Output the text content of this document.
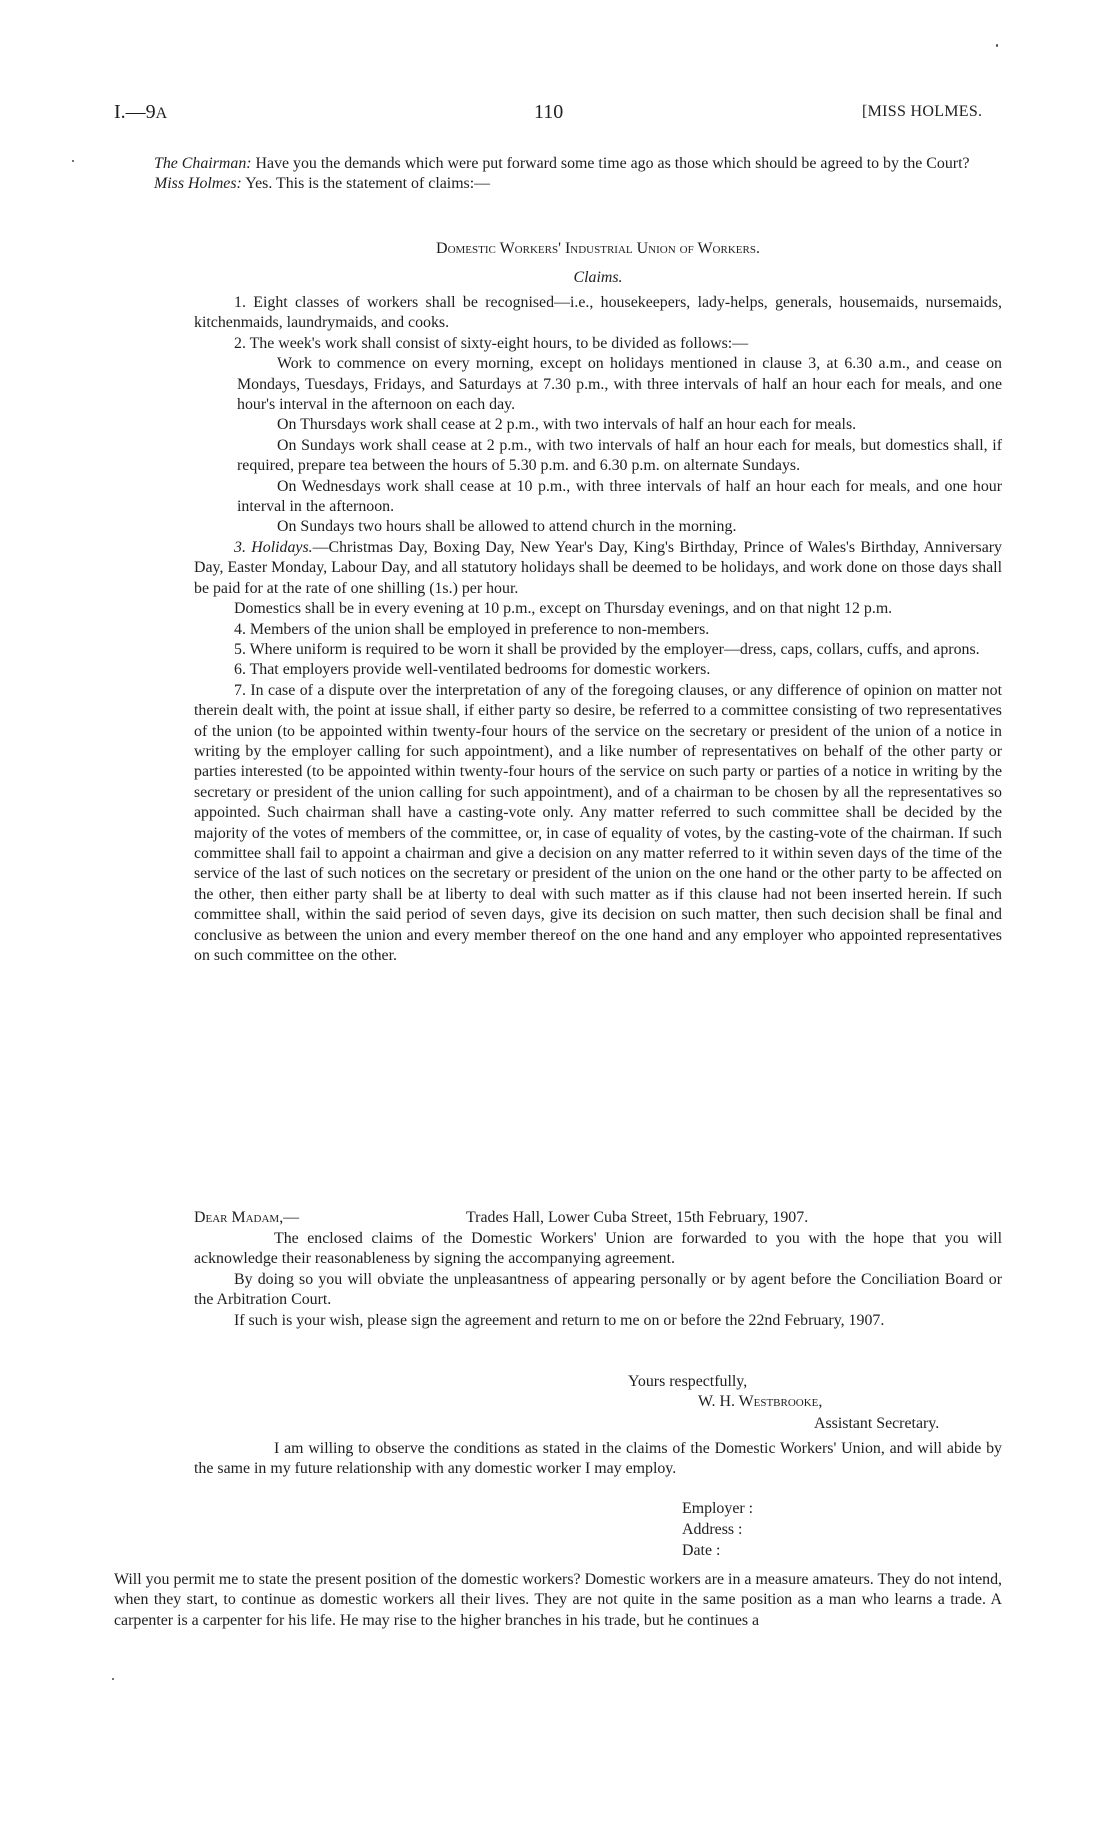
I.—9A	110	[MISS HOLMES.

The Chairman: Have you the demands which were put forward some time ago as those which should be agreed to by the Court?

Miss Holmes: Yes. This is the statement of claims:—

Domestic Workers' Industrial Union of Workers.
Claims.

1. Eight classes of workers shall be recognised—i.e., housekeepers, lady-helps, generals, housemaids, nursemaids, kitchenmaids, laundrymaids, and cooks.

2. The week's work shall consist of sixty-eight hours, to be divided as follows:—

Work to commence on every morning, except on holidays mentioned in clause 3, at 6.30 a.m., and cease on Mondays, Tuesdays, Fridays, and Saturdays at 7.30 p.m., with three intervals of half an hour each for meals, and one hour's interval in the afternoon on each day.

On Thursdays work shall cease at 2 p.m., with two intervals of half an hour each for meals.

On Sundays work shall cease at 2 p.m., with two intervals of half an hour each for meals, but domestics shall, if required, prepare tea between the hours of 5.30 p.m. and 6.30 p.m. on alternate Sundays.

On Wednesdays work shall cease at 10 p.m., with three intervals of half an hour each for meals, and one hour interval in the afternoon.

On Sundays two hours shall be allowed to attend church in the morning.

3. Holidays.—Christmas Day, Boxing Day, New Year's Day, King's Birthday, Prince of Wales's Birthday, Anniversary Day, Easter Monday, Labour Day, and all statutory holidays shall be deemed to be holidays, and work done on those days shall be paid for at the rate of one shilling (1s.) per hour.

Domestics shall be in every evening at 10 p.m., except on Thursday evenings, and on that night 12 p.m.

4. Members of the union shall be employed in preference to non-members.

5. Where uniform is required to be worn it shall be provided by the employer—dress, caps, collars, cuffs, and aprons.

6. That employers provide well-ventilated bedrooms for domestic workers.

7. In case of a dispute over the interpretation of any of the foregoing clauses, or any difference of opinion on matter not therein dealt with, the point at issue shall, if either party so desire, be referred to a committee consisting of two representatives of the union (to be appointed within twenty-four hours of the service on the secretary or president of the union of a notice in writing by the employer calling for such appointment), and a like number of representatives on behalf of the other party or parties interested (to be appointed within twenty-four hours of the service on such party or parties of a notice in writing by the secretary or president of the union calling for such appointment), and of a chairman to be chosen by all the representatives so appointed. Such chairman shall have a casting-vote only. Any matter referred to such committee shall be decided by the majority of the votes of members of the committee, or, in case of equality of votes, by the casting-vote of the chairman. If such committee shall fail to appoint a chairman and give a decision on any matter referred to it within seven days of the time of the service of the last of such notices on the secretary or president of the union on the one hand or the other party to be affected on the other, then either party shall be at liberty to deal with such matter as if this clause had not been inserted herein. If such committee shall, within the said period of seven days, give its decision on such matter, then such decision shall be final and conclusive as between the union and every member thereof on the one hand and any employer who appointed representatives on such committee on the other.

Dear Madam,—	Trades Hall, Lower Cuba Street, 15th February, 1907.

The enclosed claims of the Domestic Workers' Union are forwarded to you with the hope that you will acknowledge their reasonableness by signing the accompanying agreement.

By doing so you will obviate the unpleasantness of appearing personally or by agent before the Conciliation Board or the Arbitration Court.

If such is your wish, please sign the agreement and return to me on or before the 22nd February, 1907.

Yours respectfully,
W. H. Westbrooke,
Assistant Secretary.

I am willing to observe the conditions as stated in the claims of the Domestic Workers' Union, and will abide by the same in my future relationship with any domestic worker I may employ.

Employer :
Address :
Date :

Will you permit me to state the present position of the domestic workers? Domestic workers are in a measure amateurs. They do not intend, when they start, to continue as domestic workers all their lives. They are not quite in the same position as a man who learns a trade. A carpenter is a carpenter for his life. He may rise to the higher branches in his trade, but he continues a
